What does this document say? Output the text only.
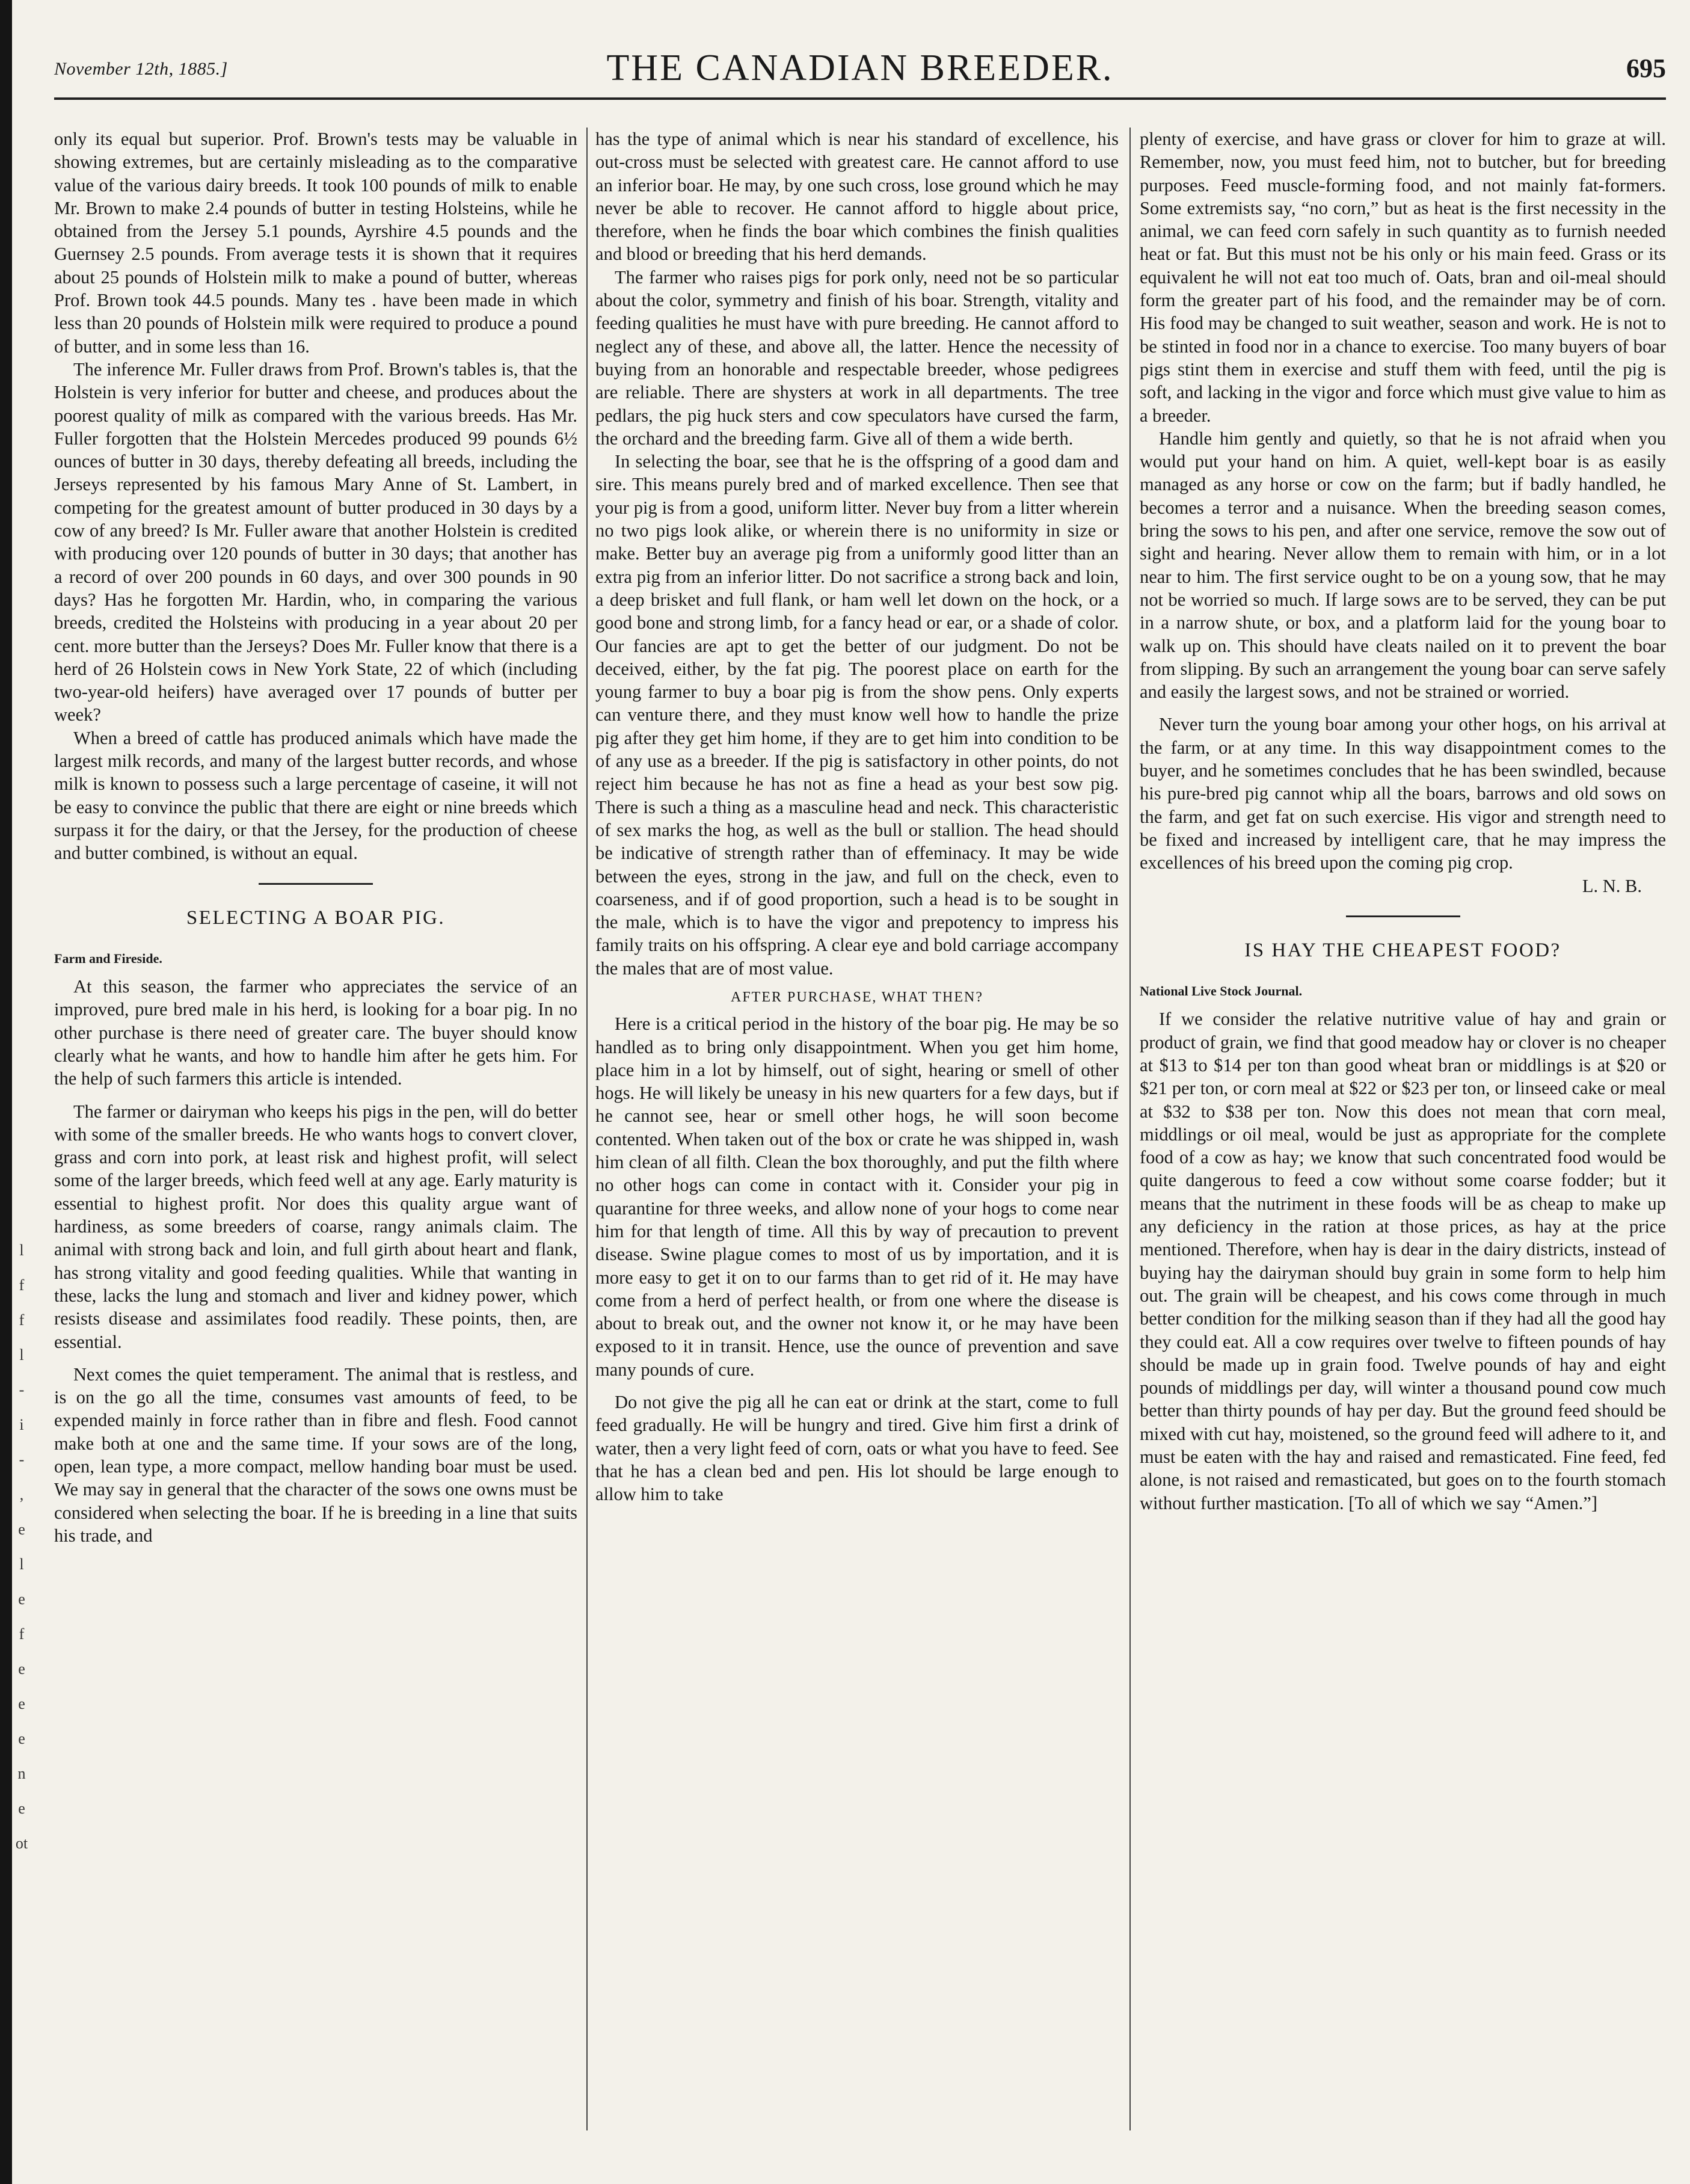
l
f
f
l
-
i
-
,
e
l
e
f
e
e
e
n
e
ot
November 12th, 1885.]	THE CANADIAN BREEDER.	695

only its equal but superior. Prof. Brown's tests may be valuable in showing extremes, but are certainly misleading as to the comparative value of the various dairy breeds. It took 100 pounds of milk to enable Mr. Brown to make 2.4 pounds of butter in testing Holsteins, while he obtained from the Jersey 5.1 pounds, Ayrshire 4.5 pounds and the Guernsey 2.5 pounds. From average tests it is shown that it requires about 25 pounds of Holstein milk to make a pound of butter, whereas Prof. Brown took 44.5 pounds. Many tes . have been made in which less than 20 pounds of Holstein milk were required to produce a pound of butter, and in some less than 16.

The inference Mr. Fuller draws from Prof. Brown's tables is, that the Holstein is very inferior for butter and cheese, and produces about the poorest quality of milk as compared with the various breeds. Has Mr. Fuller forgotten that the Holstein Mercedes produced 99 pounds 6½ ounces of butter in 30 days, thereby defeating all breeds, including the Jerseys represented by his famous Mary Anne of St. Lambert, in competing for the greatest amount of butter produced in 30 days by a cow of any breed? Is Mr. Fuller aware that another Holstein is credited with producing over 120 pounds of butter in 30 days; that another has a record of over 200 pounds in 60 days, and over 300 pounds in 90 days? Has he forgotten Mr. Hardin, who, in comparing the various breeds, credited the Holsteins with producing in a year about 20 per cent. more butter than the Jerseys? Does Mr. Fuller know that there is a herd of 26 Holstein cows in New York State, 22 of which (including two-year-old heifers) have averaged over 17 pounds of butter per week?

When a breed of cattle has produced animals which have made the largest milk records, and many of the largest butter records, and whose milk is known to possess such a large percentage of caseine, it will not be easy to convince the public that there are eight or nine breeds which surpass it for the dairy, or that the Jersey, for the production of cheese and butter combined, is without an equal.

SELECTING A BOAR PIG.
Farm and Fireside.

At this season, the farmer who appreciates the service of an improved, pure bred male in his herd, is looking for a boar pig. In no other purchase is there need of greater care. The buyer should know clearly what he wants, and how to handle him after he gets him. For the help of such farmers this article is intended.

The farmer or dairyman who keeps his pigs in the pen, will do better with some of the smaller breeds. He who wants hogs to convert clover, grass and corn into pork, at least risk and highest profit, will select some of the larger breeds, which feed well at any age. Early maturity is essential to highest profit. Nor does this quality argue want of hardiness, as some breeders of coarse, rangy animals claim. The animal with strong back and loin, and full girth about heart and flank, has strong vitality and good feeding qualities. While that wanting in these, lacks the lung and stomach and liver and kidney power, which resists disease and assimilates food readily. These points, then, are essential.

Next comes the quiet temperament. The animal that is restless, and is on the go all the time, consumes vast amounts of feed, to be expended mainly in force rather than in fibre and flesh. Food cannot make both at one and the same time. If your sows are of the long, open, lean type, a more compact, mellow handing boar must be used. We may say in general that the character of the sows one owns must be considered when selecting the boar. If he is breeding in a line that suits his trade, and

has the type of animal which is near his standard of excellence, his out-cross must be selected with greatest care. He cannot afford to use an inferior boar. He may, by one such cross, lose ground which he may never be able to recover. He cannot afford to higgle about price, therefore, when he finds the boar which combines the finish qualities and blood or breeding that his herd demands.

The farmer who raises pigs for pork only, need not be so particular about the color, symmetry and finish of his boar. Strength, vitality and feeding qualities he must have with pure breeding. He cannot afford to neglect any of these, and above all, the latter. Hence the necessity of buying from an honorable and respectable breeder, whose pedigrees are reliable. There are shysters at work in all departments. The tree pedlars, the pig huck sters and cow speculators have cursed the farm, the orchard and the breeding farm. Give all of them a wide berth.

In selecting the boar, see that he is the offspring of a good dam and sire. This means purely bred and of marked excellence. Then see that your pig is from a good, uniform litter. Never buy from a litter wherein no two pigs look alike, or wherein there is no uniformity in size or make. Better buy an average pig from a uniformly good litter than an extra pig from an inferior litter. Do not sacrifice a strong back and loin, a deep brisket and full flank, or ham well let down on the hock, or a good bone and strong limb, for a fancy head or ear, or a shade of color. Our fancies are apt to get the better of our judgment. Do not be deceived, either, by the fat pig. The poorest place on earth for the young farmer to buy a boar pig is from the show pens. Only experts can venture there, and they must know well how to handle the prize pig after they get him home, if they are to get him into condition to be of any use as a breeder. If the pig is satisfactory in other points, do not reject him because he has not as fine a head as your best sow pig. There is such a thing as a masculine head and neck. This characteristic of sex marks the hog, as well as the bull or stallion. The head should be indicative of strength rather than of effeminacy. It may be wide between the eyes, strong in the jaw, and full on the check, even to coarseness, and if of good proportion, such a head is to be sought in the male, which is to have the vigor and prepotency to impress his family traits on his offspring. A clear eye and bold carriage accompany the males that are of most value.

AFTER PURCHASE, WHAT THEN?

Here is a critical period in the history of the boar pig. He may be so handled as to bring only disappointment. When you get him home, place him in a lot by himself, out of sight, hearing or smell of other hogs. He will likely be uneasy in his new quarters for a few days, but if he cannot see, hear or smell other hogs, he will soon become contented. When taken out of the box or crate he was shipped in, wash him clean of all filth. Clean the box thoroughly, and put the filth where no other hogs can come in contact with it. Consider your pig in quarantine for three weeks, and allow none of your hogs to come near him for that length of time. All this by way of precaution to prevent disease. Swine plague comes to most of us by importation, and it is more easy to get it on to our farms than to get rid of it. He may have come from a herd of perfect health, or from one where the disease is about to break out, and the owner not know it, or he may have been exposed to it in transit. Hence, use the ounce of prevention and save many pounds of cure.

Do not give the pig all he can eat or drink at the start, come to full feed gradually. He will be hungry and tired. Give him first a drink of water, then a very light feed of corn, oats or what you have to feed. See that he has a clean bed and pen. His lot should be large enough to allow him to take

plenty of exercise, and have grass or clover for him to graze at will. Remember, now, you must feed him, not to butcher, but for breeding purposes. Feed muscle-forming food, and not mainly fat-formers. Some extremists say, “no corn,” but as heat is the first necessity in the animal, we can feed corn safely in such quantity as to furnish needed heat or fat. But this must not be his only or his main feed. Grass or its equivalent he will not eat too much of. Oats, bran and oil-meal should form the greater part of his food, and the remainder may be of corn. His food may be changed to suit weather, season and work. He is not to be stinted in food nor in a chance to exercise. Too many buyers of boar pigs stint them in exercise and stuff them with feed, until the pig is soft, and lacking in the vigor and force which must give value to him as a breeder.

Handle him gently and quietly, so that he is not afraid when you would put your hand on him. A quiet, well-kept boar is as easily managed as any horse or cow on the farm; but if badly handled, he becomes a terror and a nuisance. When the breeding season comes, bring the sows to his pen, and after one service, remove the sow out of sight and hearing. Never allow them to remain with him, or in a lot near to him. The first service ought to be on a young sow, that he may not be worried so much. If large sows are to be served, they can be put in a narrow shute, or box, and a platform laid for the young boar to walk up on. This should have cleats nailed on it to prevent the boar from slipping. By such an arrangement the young boar can serve safely and easily the largest sows, and not be strained or worried.

Never turn the young boar among your other hogs, on his arrival at the farm, or at any time. In this way disappointment comes to the buyer, and he sometimes concludes that he has been swindled, because his pure-bred pig cannot whip all the boars, barrows and old sows on the farm, and get fat on such exercise. His vigor and strength need to be fixed and increased by intelligent care, that he may impress the excellences of his breed upon the coming pig crop.

L. N. B.
IS HAY THE CHEAPEST FOOD?
National Live Stock Journal.

If we consider the relative nutritive value of hay and grain or product of grain, we find that good meadow hay or clover is no cheaper at $13 to $14 per ton than good wheat bran or middlings is at $20 or $21 per ton, or corn meal at $22 or $23 per ton, or linseed cake or meal at $32 to $38 per ton. Now this does not mean that corn meal, middlings or oil meal, would be just as appropriate for the complete food of a cow as hay; we know that such concentrated food would be quite dangerous to feed a cow without some coarse fodder; but it means that the nutriment in these foods will be as cheap to make up any deficiency in the ration at those prices, as hay at the price mentioned. Therefore, when hay is dear in the dairy districts, instead of buying hay the dairyman should buy grain in some form to help him out. The grain will be cheapest, and his cows come through in much better condition for the milking season than if they had all the good hay they could eat. All a cow requires over twelve to fifteen pounds of hay should be made up in grain food. Twelve pounds of hay and eight pounds of middlings per day, will winter a thousand pound cow much better than thirty pounds of hay per day. But the ground feed should be mixed with cut hay, moistened, so the ground feed will adhere to it, and must be eaten with the hay and raised and remasticated. Fine feed, fed alone, is not raised and remasticated, but goes on to the fourth stomach without further mastication. [To all of which we say “Amen.”]
